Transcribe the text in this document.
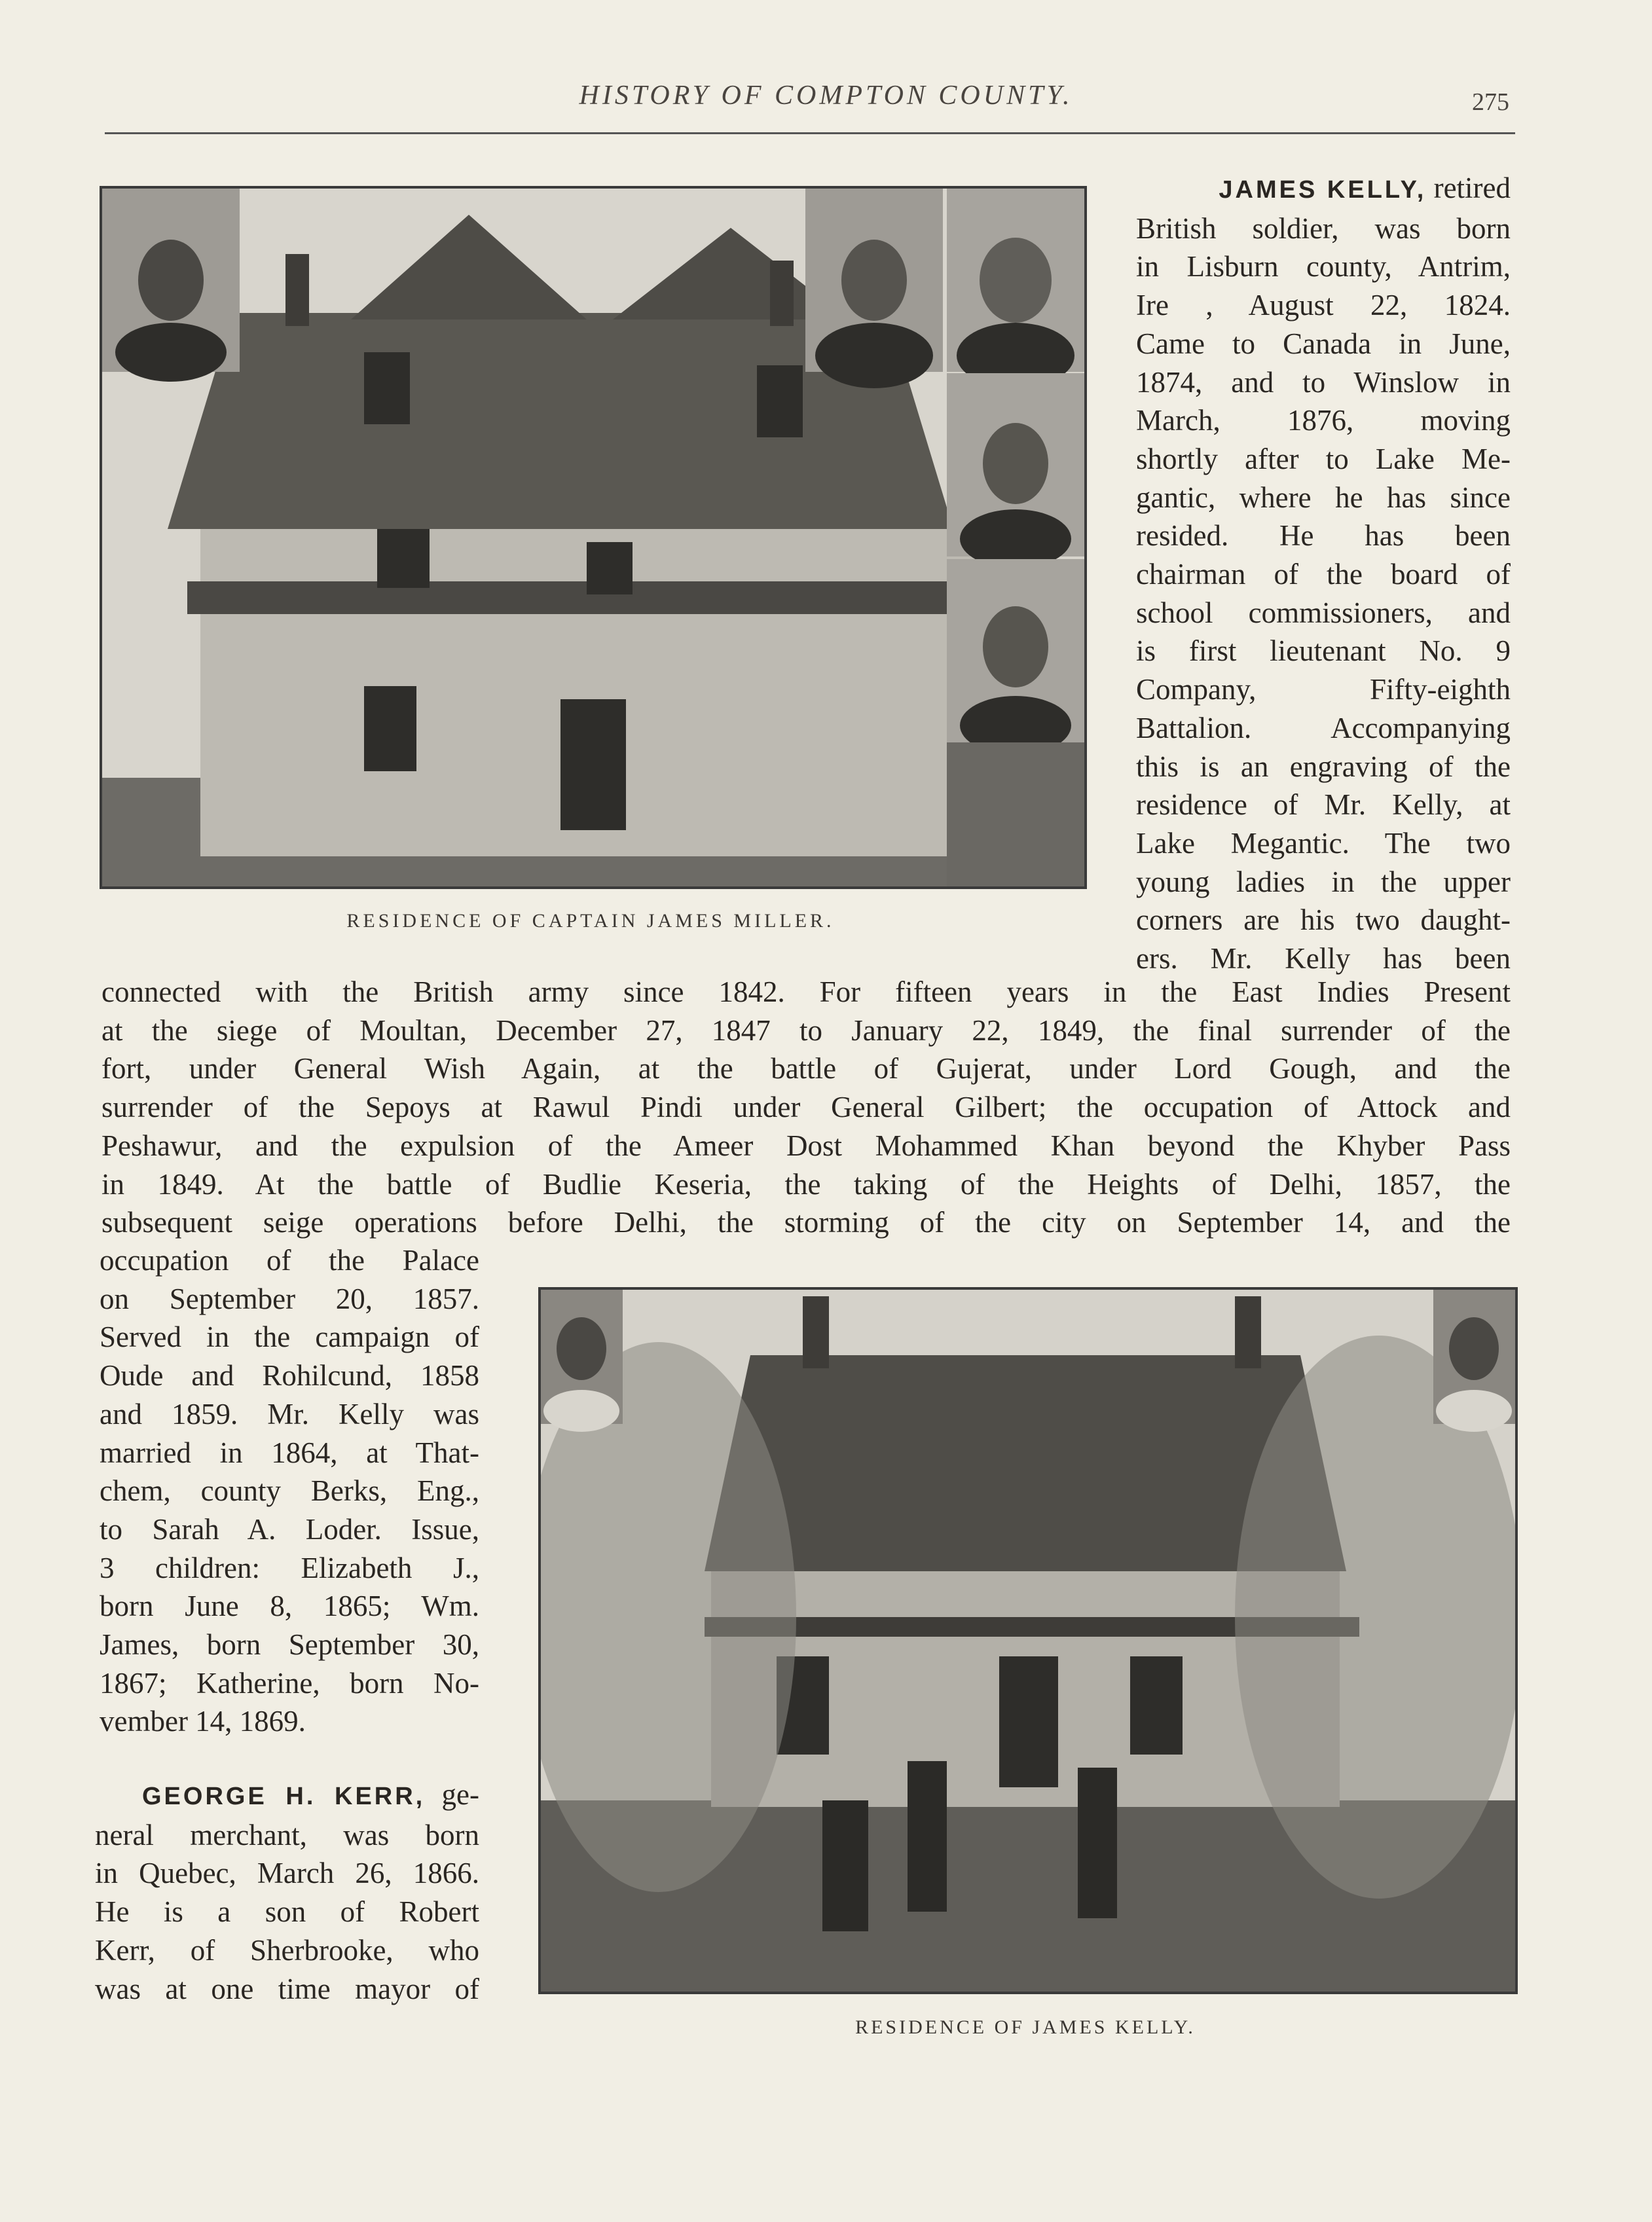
HISTORY OF COMPTON COUNTY.	275
RESIDENCE OF CAPTAIN JAMES MILLER.
JAMES KELLY, retired
British soldier, was born
in Lisburn county, Antrim,
Ire , August 22, 1824.
Came to Canada in June,
1874, and to Winslow in
March, 1876, moving
shortly after to Lake Me-
gantic, where he has since
resided. He has been
chairman of the board of
school commissioners, and
is first lieutenant No. 9
Company, Fifty-eighth
Battalion. Accompanying
this is an engraving of the
residence of Mr. Kelly, at
Lake Megantic. The two
young ladies in the upper
corners are his two daught-
ers. Mr. Kelly has been
connected with the British army since 1842. For fifteen years in the East Indies Present
at the siege of Moultan, December 27, 1847 to January 22, 1849, the final surrender of the
fort, under General Wish Again, at the battle of Gujerat, under Lord Gough, and the
surrender of the Sepoys at Rawul Pindi under General Gilbert; the occupation of Attock and
Peshawur, and the expulsion of the Ameer Dost Mohammed Khan beyond the Khyber Pass
in 1849. At the battle of Budlie Keseria, the taking of the Heights of Delhi, 1857, the
subsequent seige operations before Delhi, the storming of the city on September 14, and the
occupation of the Palace
on September 20, 1857.
Served in the campaign of
Oude and Rohilcund, 1858
and 1859. Mr. Kelly was
married in 1864, at That-
chem, county Berks, Eng.,
to Sarah A. Loder. Issue,
3 children: Elizabeth J.,
born June 8, 1865; Wm.
James, born September 30,
1867; Katherine, born No-
vember 14, 1869.
GEORGE H. KERR, ge-
neral merchant, was born
in Quebec, March 26, 1866.
He is a son of Robert
Kerr, of Sherbrooke, who
was at one time mayor of
RESIDENCE OF JAMES KELLY.
